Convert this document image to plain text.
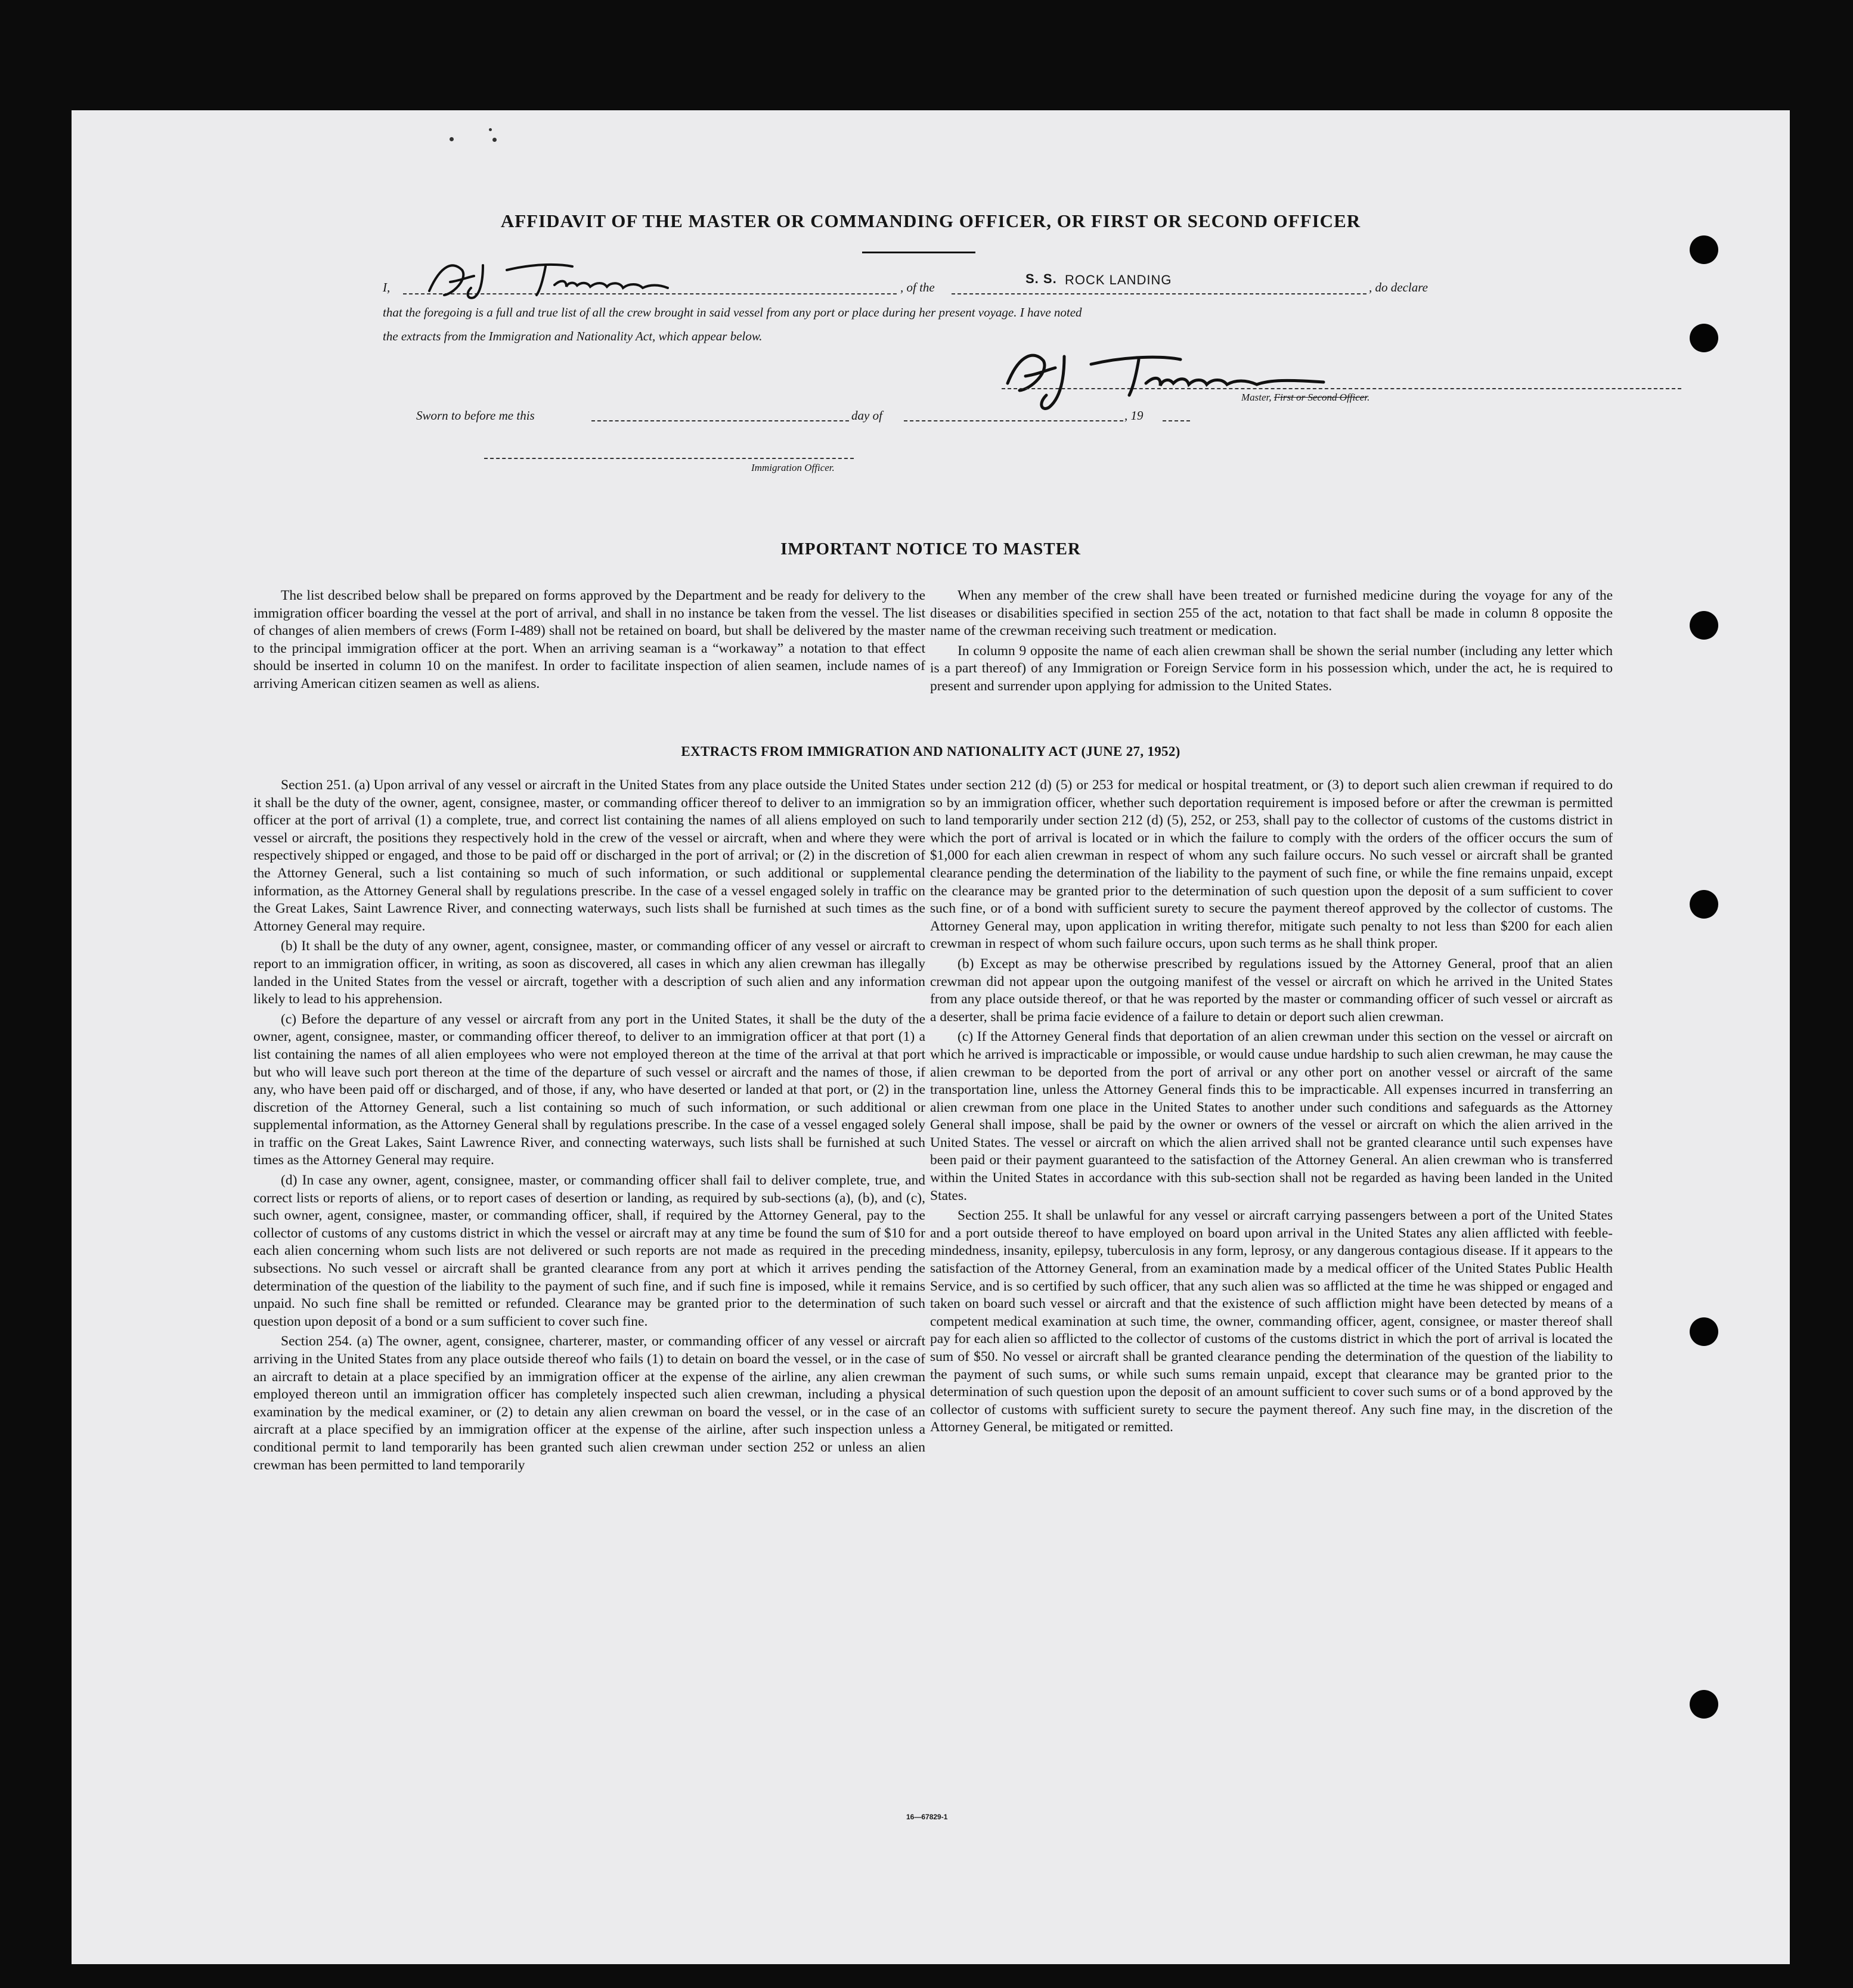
AFFIDAVIT OF THE MASTER OR COMMANDING OFFICER, OR FIRST OR SECOND OFFICER
I,	, of the
S. S. ROCK LANDING	, do declare
that the foregoing is a full and true list of all the crew brought in said vessel from any port or place during her present voyage. I have noted
the extracts from the Immigration and Nationality Act, which appear below.
Master, First or Second Officer.
Sworn to before me this	day of	, 19
Immigration Officer.
IMPORTANT NOTICE TO MASTER

The list described below shall be prepared on forms approved by the Department and be ready for delivery to the immigration officer boarding the vessel at the port of arrival, and shall in no instance be taken from the vessel. The list of changes of alien members of crews (Form I-489) shall not be retained on board, but shall be delivered by the master to the principal immigration officer at the port. When an arriving seaman is a “workaway” a notation to that effect should be inserted in column 10 on the manifest. In order to facilitate inspection of alien seamen, include names of arriving American citizen seamen as well as aliens.

When any member of the crew shall have been treated or furnished medicine during the voyage for any of the diseases or disabilities specified in section 255 of the act, notation to that fact shall be made in column 8 opposite the name of the crewman receiving such treatment or medication.

In column 9 opposite the name of each alien crewman shall be shown the serial number (including any letter which is a part thereof) of any Immigration or Foreign Service form in his possession which, under the act, he is required to present and surrender upon applying for admission to the United States.

EXTRACTS FROM IMMIGRATION AND NATIONALITY ACT (JUNE 27, 1952)

Section 251. (a) Upon arrival of any vessel or aircraft in the United States from any place outside the United States it shall be the duty of the owner, agent, consignee, master, or commanding officer thereof to deliver to an immigration officer at the port of arrival (1) a complete, true, and correct list containing the names of all aliens employed on such vessel or aircraft, the positions they respectively hold in the crew of the vessel or aircraft, when and where they were respectively shipped or engaged, and those to be paid off or discharged in the port of arrival; or (2) in the discretion of the Attorney General, such a list containing so much of such information, or such additional or supplemental information, as the Attorney General shall by regulations prescribe. In the case of a vessel engaged solely in traffic on the Great Lakes, Saint Lawrence River, and connecting waterways, such lists shall be furnished at such times as the Attorney General may require.

(b) It shall be the duty of any owner, agent, consignee, master, or commanding officer of any vessel or aircraft to report to an immigration officer, in writing, as soon as discovered, all cases in which any alien crewman has illegally landed in the United States from the vessel or aircraft, together with a description of such alien and any information likely to lead to his apprehension.

(c) Before the departure of any vessel or aircraft from any port in the United States, it shall be the duty of the owner, agent, consignee, master, or commanding officer thereof, to deliver to an immigration officer at that port (1) a list containing the names of all alien employees who were not employed thereon at the time of the arrival at that port but who will leave such port thereon at the time of the departure of such vessel or aircraft and the names of those, if any, who have been paid off or discharged, and of those, if any, who have deserted or landed at that port, or (2) in the discretion of the Attorney General, such a list containing so much of such information, or such additional or supplemental information, as the Attorney General shall by regulations prescribe. In the case of a vessel engaged solely in traffic on the Great Lakes, Saint Lawrence River, and connecting waterways, such lists shall be furnished at such times as the Attorney General may require.

(d) In case any owner, agent, consignee, master, or commanding officer shall fail to deliver complete, true, and correct lists or reports of aliens, or to report cases of desertion or landing, as required by sub-sections (a), (b), and (c), such owner, agent, consignee, master, or commanding officer, shall, if required by the Attorney General, pay to the collector of customs of any customs district in which the vessel or aircraft may at any time be found the sum of $10 for each alien concerning whom such lists are not delivered or such reports are not made as required in the preceding subsections. No such vessel or aircraft shall be granted clearance from any port at which it arrives pending the determination of the question of the liability to the payment of such fine, and if such fine is imposed, while it remains unpaid. No such fine shall be remitted or refunded. Clearance may be granted prior to the determination of such question upon deposit of a bond or a sum sufficient to cover such fine.

Section 254. (a) The owner, agent, consignee, charterer, master, or commanding officer of any vessel or aircraft arriving in the United States from any place outside thereof who fails (1) to detain on board the vessel, or in the case of an aircraft to detain at a place specified by an immigration officer at the expense of the airline, any alien crewman employed thereon until an immigration officer has completely inspected such alien crewman, including a physical examination by the medical examiner, or (2) to detain any alien crewman on board the vessel, or in the case of an aircraft at a place specified by an immigration officer at the expense of the airline, after such inspection unless a conditional permit to land temporarily has been granted such alien crewman under section 252 or unless an alien crewman has been permitted to land temporarily

under section 212 (d) (5) or 253 for medical or hospital treatment, or (3) to deport such alien crewman if required to do so by an immigration officer, whether such deportation requirement is imposed before or after the crewman is permitted to land temporarily under section 212 (d) (5), 252, or 253, shall pay to the collector of customs of the customs district in which the port of arrival is located or in which the failure to comply with the orders of the officer occurs the sum of $1,000 for each alien crewman in respect of whom any such failure occurs. No such vessel or aircraft shall be granted clearance pending the determination of the liability to the payment of such fine, or while the fine remains unpaid, except the clearance may be granted prior to the determination of such question upon the deposit of a sum sufficient to cover such fine, or of a bond with sufficient surety to secure the payment thereof approved by the collector of customs. The Attorney General may, upon application in writing therefor, mitigate such penalty to not less than $200 for each alien crewman in respect of whom such failure occurs, upon such terms as he shall think proper.

(b) Except as may be otherwise prescribed by regulations issued by the Attorney General, proof that an alien crewman did not appear upon the outgoing manifest of the vessel or aircraft on which he arrived in the United States from any place outside thereof, or that he was reported by the master or commanding officer of such vessel or aircraft as a deserter, shall be prima facie evidence of a failure to detain or deport such alien crewman.

(c) If the Attorney General finds that deportation of an alien crewman under this section on the vessel or aircraft on which he arrived is impracticable or impossible, or would cause undue hardship to such alien crewman, he may cause the alien crewman to be deported from the port of arrival or any other port on another vessel or aircraft of the same transportation line, unless the Attorney General finds this to be impracticable. All expenses incurred in transferring an alien crewman from one place in the United States to another under such conditions and safeguards as the Attorney General shall impose, shall be paid by the owner or owners of the vessel or aircraft on which the alien arrived in the United States. The vessel or aircraft on which the alien arrived shall not be granted clearance until such expenses have been paid or their payment guaranteed to the satisfaction of the Attorney General. An alien crewman who is transferred within the United States in accordance with this sub-section shall not be regarded as having been landed in the United States.

Section 255. It shall be unlawful for any vessel or aircraft carrying passengers between a port of the United States and a port outside thereof to have employed on board upon arrival in the United States any alien afflicted with feeble-mindedness, insanity, epilepsy, tuberculosis in any form, leprosy, or any dangerous contagious disease. If it appears to the satisfaction of the Attorney General, from an examination made by a medical officer of the United States Public Health Service, and is so certified by such officer, that any such alien was so afflicted at the time he was shipped or engaged and taken on board such vessel or aircraft and that the existence of such affliction might have been detected by means of a competent medical examination at such time, the owner, commanding officer, agent, consignee, or master thereof shall pay for each alien so afflicted to the collector of customs of the customs district in which the port of arrival is located the sum of $50. No vessel or aircraft shall be granted clearance pending the determination of the question of the liability to the payment of such sums, or while such sums remain unpaid, except that clearance may be granted prior to the determination of such question upon the deposit of an amount sufficient to cover such sums or of a bond approved by the collector of customs with sufficient surety to secure the payment thereof. Any such fine may, in the discretion of the Attorney General, be mitigated or remitted.

16—67829-1
